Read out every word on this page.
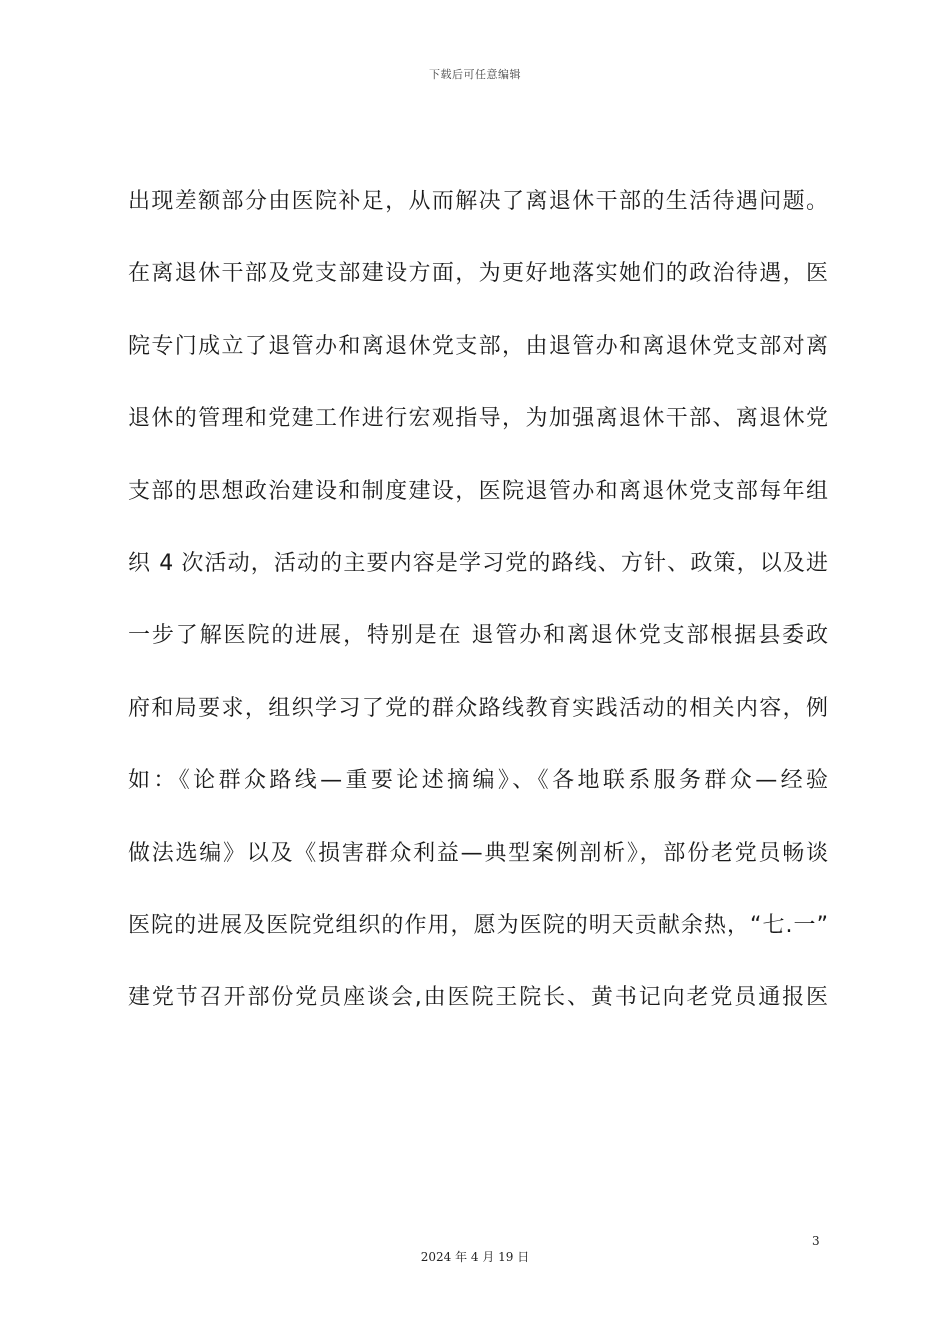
下载后可任意编辑
出现差额部分由医院补足，从而解决了离退休干部的生活待遇问题。
在离退休干部及党支部建设方面，为更好地落实她们的政治待遇，医
院专门成立了退管办和离退休党支部，由退管办和离退休党支部对离
退休的管理和党建工作进行宏观指导，为加强离退休干部、离退休党
支部的思想政治建设和制度建设，医院退管办和离退休党支部每年组
织 4 次活动，活动的主要内容是学习党的路线、方针、政策，以及进
一步了解医院的进展，特别是在 退管办和离退休党支部根据县委政
府和局要求，组织学习了党的群众路线教育实践活动的相关内容，例
如：《论群众路线—重要论述摘编》、《各地联系服务群众—经验
做法选编》以及《损害群众利益—典型案例剖析》，部份老党员畅谈
医院的进展及医院党组织的作用，愿为医院的明天贡献余热，“七.一”
建党节召开部份党员座谈会,由医院王院长、黄书记向老党员通报医
3
2024 年 4 月 19 日
